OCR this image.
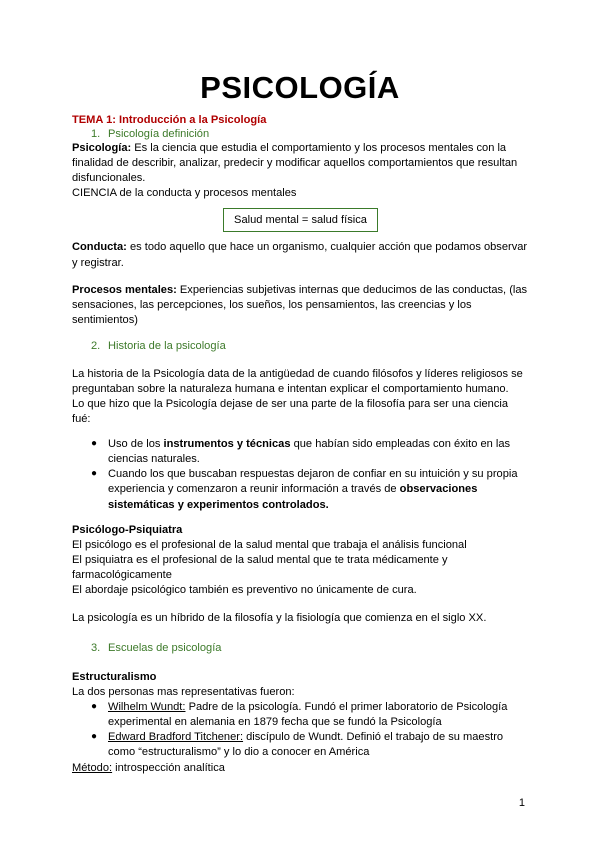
PSICOLOGÍA
TEMA 1: Introducción a la Psicología
1. Psicología definición
Psicología: Es la ciencia que estudia el comportamiento y los procesos mentales con la
finalidad de describir, analizar, predecir y modificar aquellos comportamientos que resultan
disfuncionales.
CIENCIA de la conducta y procesos mentales
Salud mental = salud física
Conducta: es todo aquello que hace un organismo, cualquier acción que podamos observar
y registrar.
Procesos mentales: Experiencias subjetivas internas que deducimos de las conductas, (las
sensaciones, las percepciones, los sueños, los pensamientos, las creencias y los
sentimientos)
2. Historia de la psicología
La historia de la Psicología data de la antigüedad de cuando filósofos y líderes religiosos se
preguntaban sobre la naturaleza humana e intentan explicar el comportamiento humano.
Lo que hizo que la Psicología dejase de ser una parte de la filosofía para ser una ciencia
fué:
● Uso de los instrumentos y técnicas que habían sido empleadas con éxito en las
ciencias naturales.
● Cuando los que buscaban respuestas dejaron de confiar en su intuición y su propia
experiencia y comenzaron a reunir información a través de observaciones
sistemáticas y experimentos controlados.
Psicólogo-Psiquiatra
El psicólogo es el profesional de la salud mental que trabaja el análisis funcional
El psiquiatra es el profesional de la salud mental que te trata médicamente y
farmacológicamente
El abordaje psicológico también es preventivo no únicamente de cura.
La psicología es un híbrido de la filosofía y la fisiología que comienza en el siglo XX.
3. Escuelas de psicología
Estructuralismo
La dos personas mas representativas fueron:
● Wilhelm Wundt: Padre de la psicología. Fundó el primer laboratorio de Psicología
experimental en alemania en 1879 fecha que se fundó la Psicología
● Edward Bradford Titchener: discípulo de Wundt. Definió el trabajo de su maestro
como “estructuralismo” y lo dio a conocer en América
Método: introspección analítica
1
